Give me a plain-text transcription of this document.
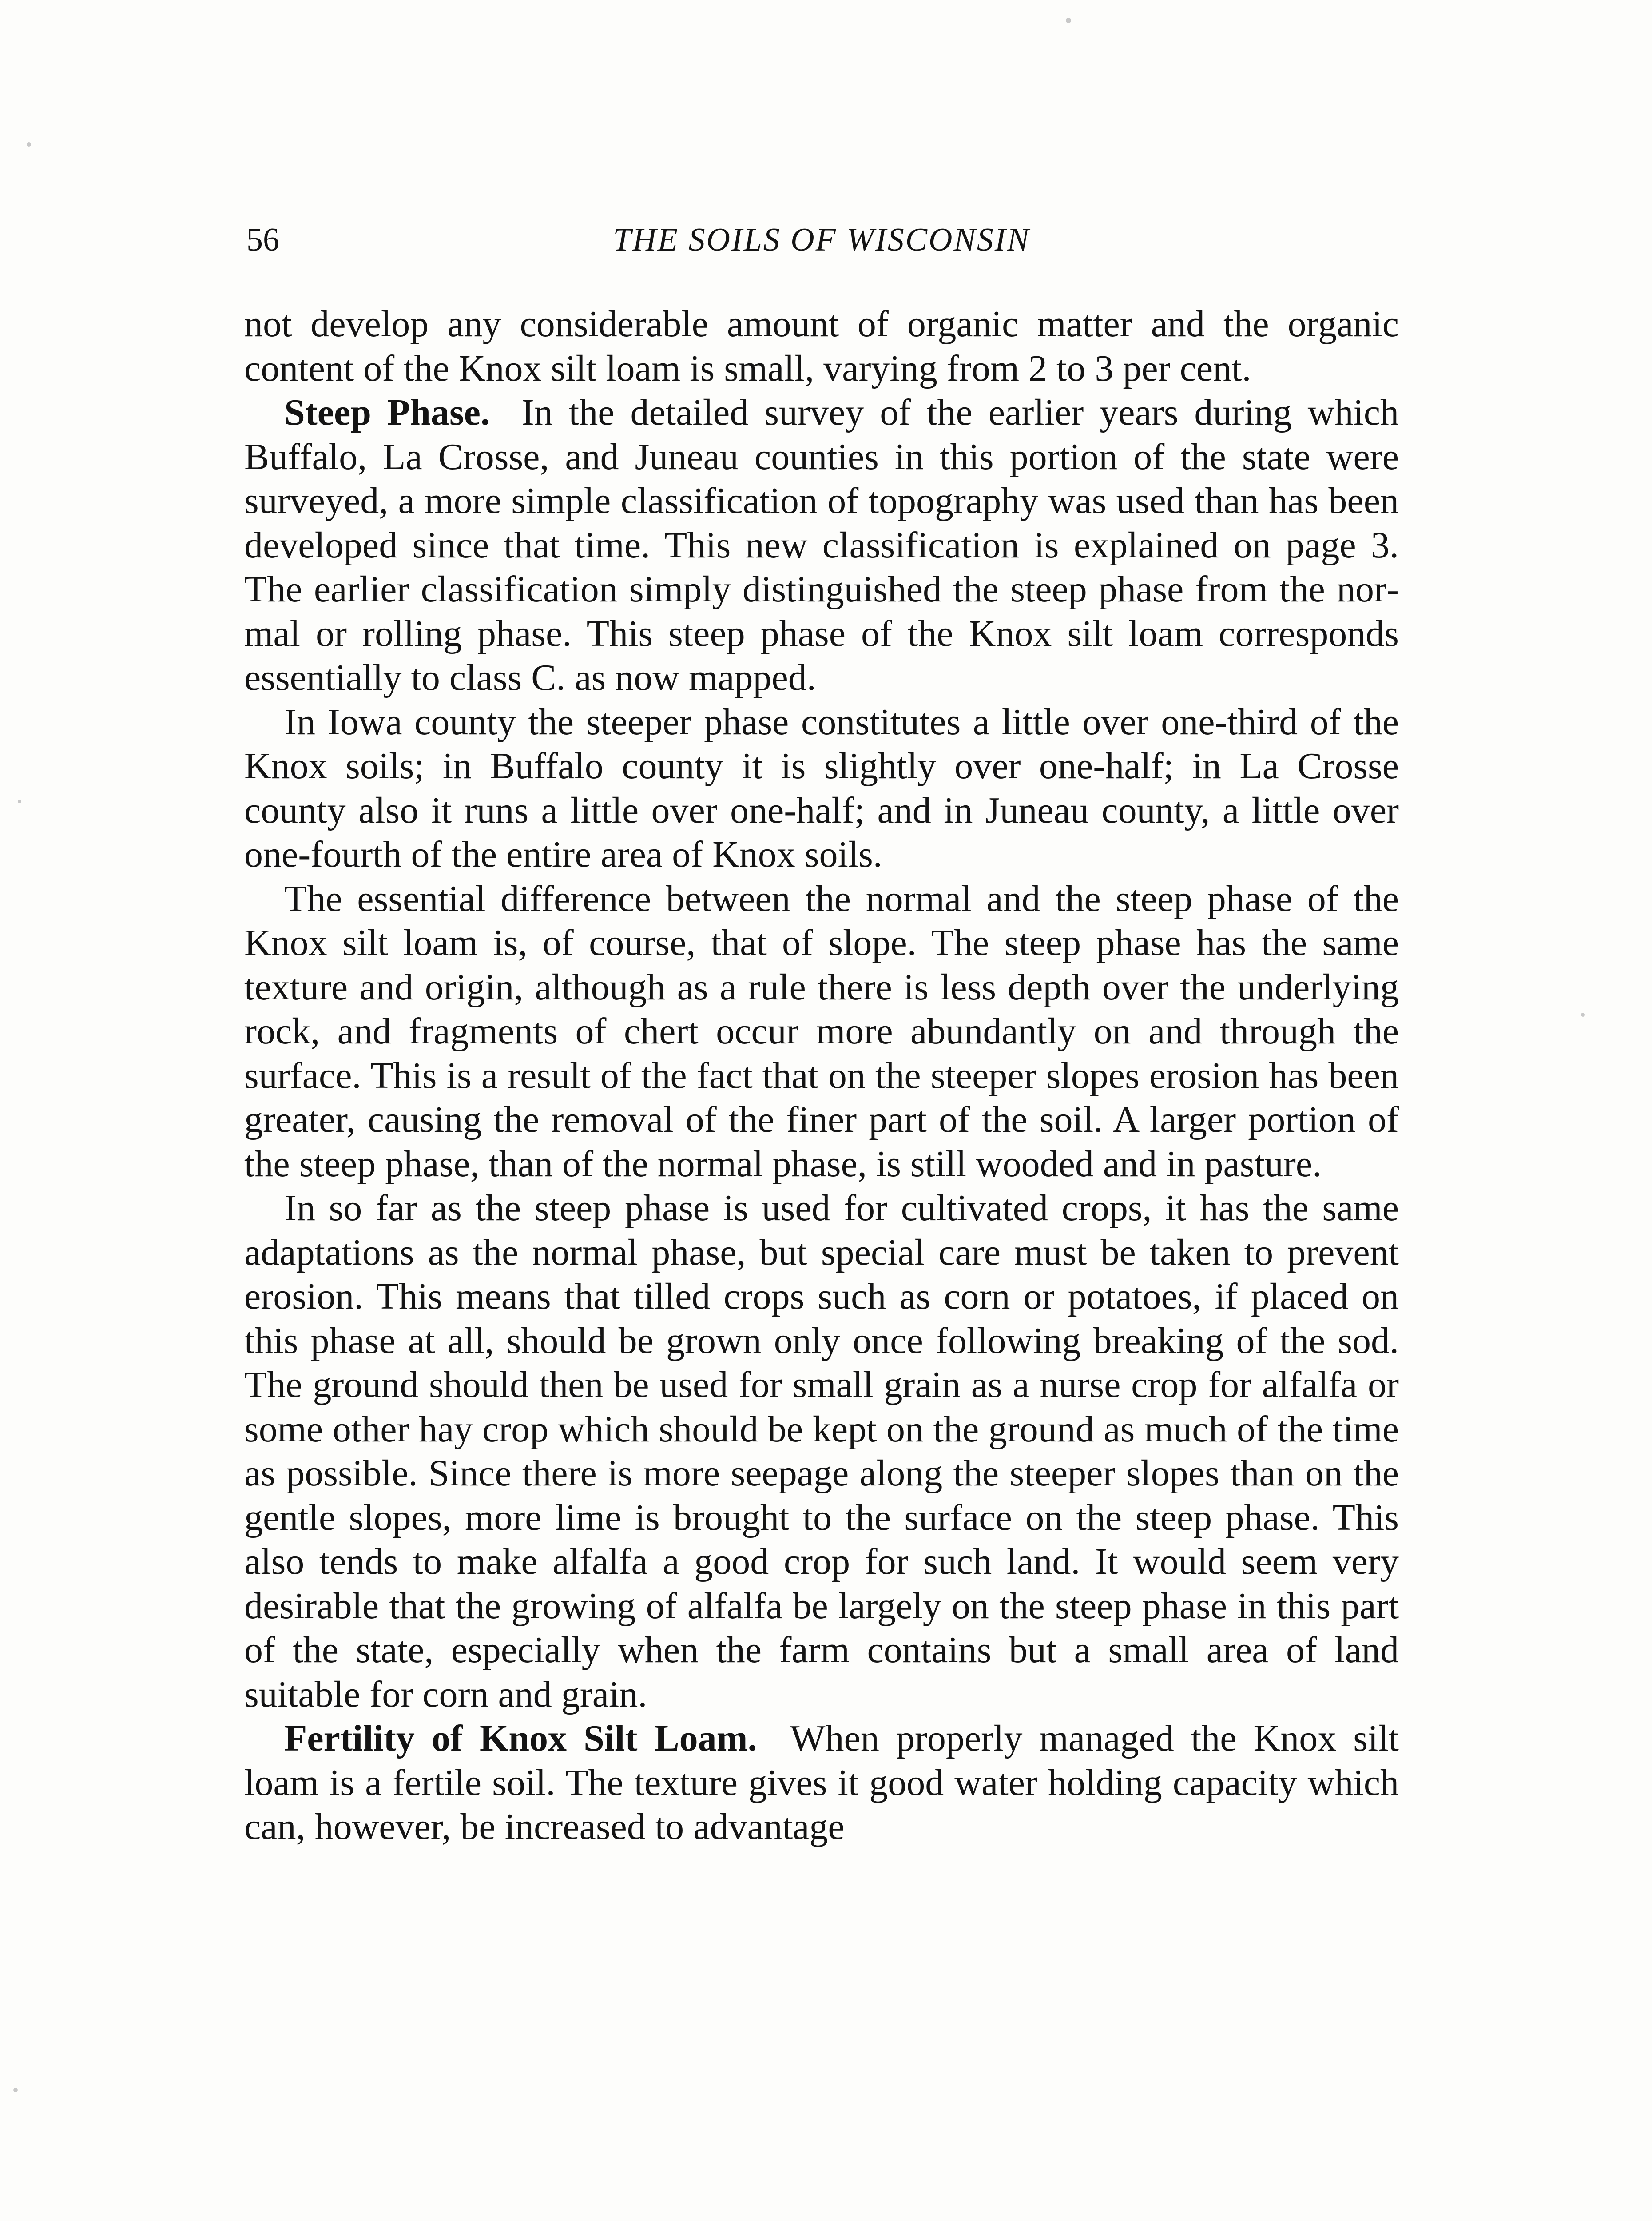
56	THE SOILS OF WISCONSIN

not develop any considerable amount of organic matter and the organic content of the Knox silt loam is small, varying from 2 to 3 per cent.

Steep Phase. In the detailed survey of the earlier years during which Buffalo, La Crosse, and Juneau counties in this portion of the state were surveyed, a more simple classification of topography was used than has been developed since that time. This new classification is explained on page 3. The earlier classification simply distinguished the steep phase from the normal or rolling phase. This steep phase of the Knox silt loam corresponds essentially to class C. as now mapped.

In Iowa county the steeper phase constitutes a little over one-third of the Knox soils; in Buffalo county it is slightly over one-half; in La Crosse county also it runs a little over one-half; and in Juneau county, a little over one-fourth of the entire area of Knox soils.

The essential difference between the normal and the steep phase of the Knox silt loam is, of course, that of slope. The steep phase has the same texture and origin, although as a rule there is less depth over the underlying rock, and fragments of chert occur more abundantly on and through the surface. This is a result of the fact that on the steeper slopes erosion has been greater, causing the removal of the finer part of the soil. A larger portion of the steep phase, than of the normal phase, is still wooded and in pasture.

In so far as the steep phase is used for cultivated crops, it has the same adaptations as the normal phase, but special care must be taken to prevent erosion. This means that tilled crops such as corn or potatoes, if placed on this phase at all, should be grown only once following breaking of the sod. The ground should then be used for small grain as a nurse crop for alfalfa or some other hay crop which should be kept on the ground as much of the time as possible. Since there is more seepage along the steeper slopes than on the gentle slopes, more lime is brought to the surface on the steep phase. This also tends to make alfalfa a good crop for such land. It would seem very desirable that the growing of alfalfa be largely on the steep phase in this part of the state, especially when the farm contains but a small area of land suitable for corn and grain.

Fertility of Knox Silt Loam. When properly managed the Knox silt loam is a fertile soil. The texture gives it good water holding capacity which can, however, be increased to advantage
